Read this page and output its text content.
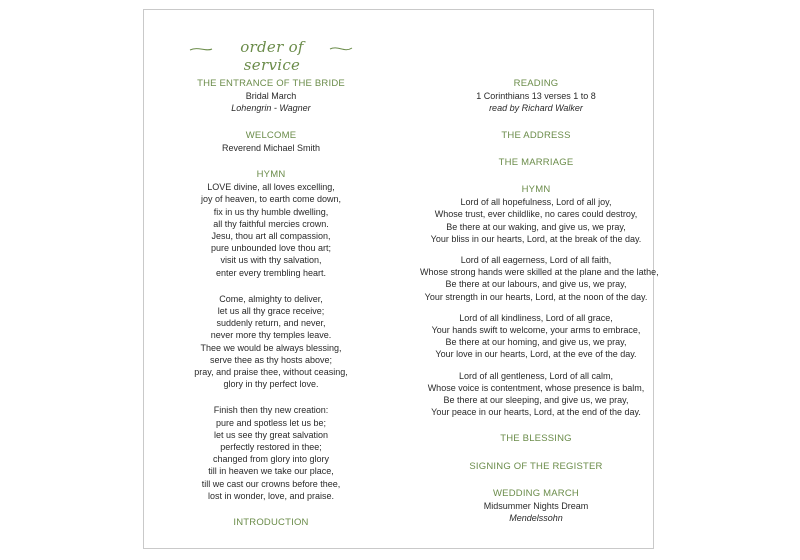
order of service
THE ENTRANCE OF THE BRIDE
Bridal March
Lohengrin - Wagner
WELCOME
Reverend Michael Smith
HYMN
LOVE divine, all loves excelling,
joy of heaven, to earth come down,
fix in us thy humble dwelling,
all thy faithful mercies crown.
Jesu, thou art all compassion,
pure unbounded love thou art;
visit us with thy salvation,
enter every trembling heart.
Come, almighty to deliver,
let us all thy grace receive;
suddenly return, and never,
never more thy temples leave.
Thee we would be always blessing,
serve thee as thy hosts above;
pray, and praise thee, without ceasing,
glory in thy perfect love.
Finish then thy new creation:
pure and spotless let us be;
let us see thy great salvation
perfectly restored in thee;
changed from glory into glory
till in heaven we take our place,
till we cast our crowns before thee,
lost in wonder, love, and praise.
INTRODUCTION
READING
1 Corinthians 13 verses 1 to 8
read by Richard Walker
THE ADDRESS
THE MARRIAGE
HYMN
Lord of all hopefulness, Lord of all joy,
Whose trust, ever childlike, no cares could destroy,
Be there at our waking, and give us, we pray,
Your bliss in our hearts, Lord, at the break of the day.
Lord of all eagerness, Lord of all faith,
Whose strong hands were skilled at the plane and the lathe,
Be there at our labours, and give us, we pray,
Your strength in our hearts, Lord, at the noon of the day.
Lord of all kindliness, Lord of all grace,
Your hands swift to welcome, your arms to embrace,
Be there at our homing, and give us, we pray,
Your love in our hearts, Lord, at the eve of the day.
Lord of all gentleness, Lord of all calm,
Whose voice is contentment, whose presence is balm,
Be there at our sleeping, and give us, we pray,
Your peace in our hearts, Lord, at the end of the day.
THE BLESSING
SIGNING OF THE REGISTER
WEDDING MARCH
Midsummer Nights Dream
Mendelssohn
